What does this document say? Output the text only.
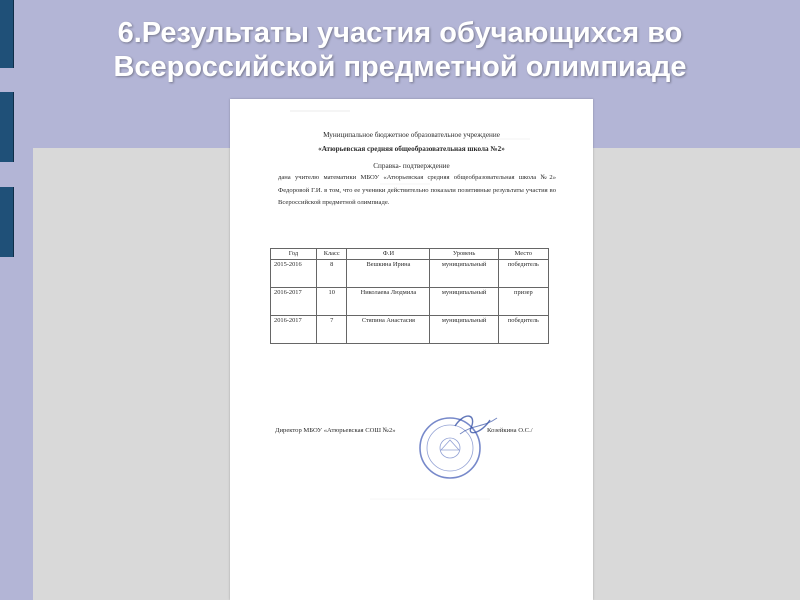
6.Результаты участия обучающихся во
Всероссийской предметной олимпиаде
Муниципальное бюджетное образовательное учреждение
«Атюрьевская средняя общеобразовательная школа №2»
Справка- подтверждение
дана учителю математики МБОУ «Атюрьевская средняя общеобразовательная школа №2» Федоровой Г.И. в том, что ее ученики действительно показали позитивные результаты участия во Всероссийской предметной олимпиаде.
Год	Класс	Ф.И	Уровень	Место
2015-2016	8	Вешкина Ирина	муниципальный	победитель
2016-2017	10	Николаева Людмила	муниципальный	призер
2016-2017	7	Стяпина Анастасия	муниципальный	победитель
Директор МБОУ «Атюрьевская СОШ №2»	Козейкина О.С./
